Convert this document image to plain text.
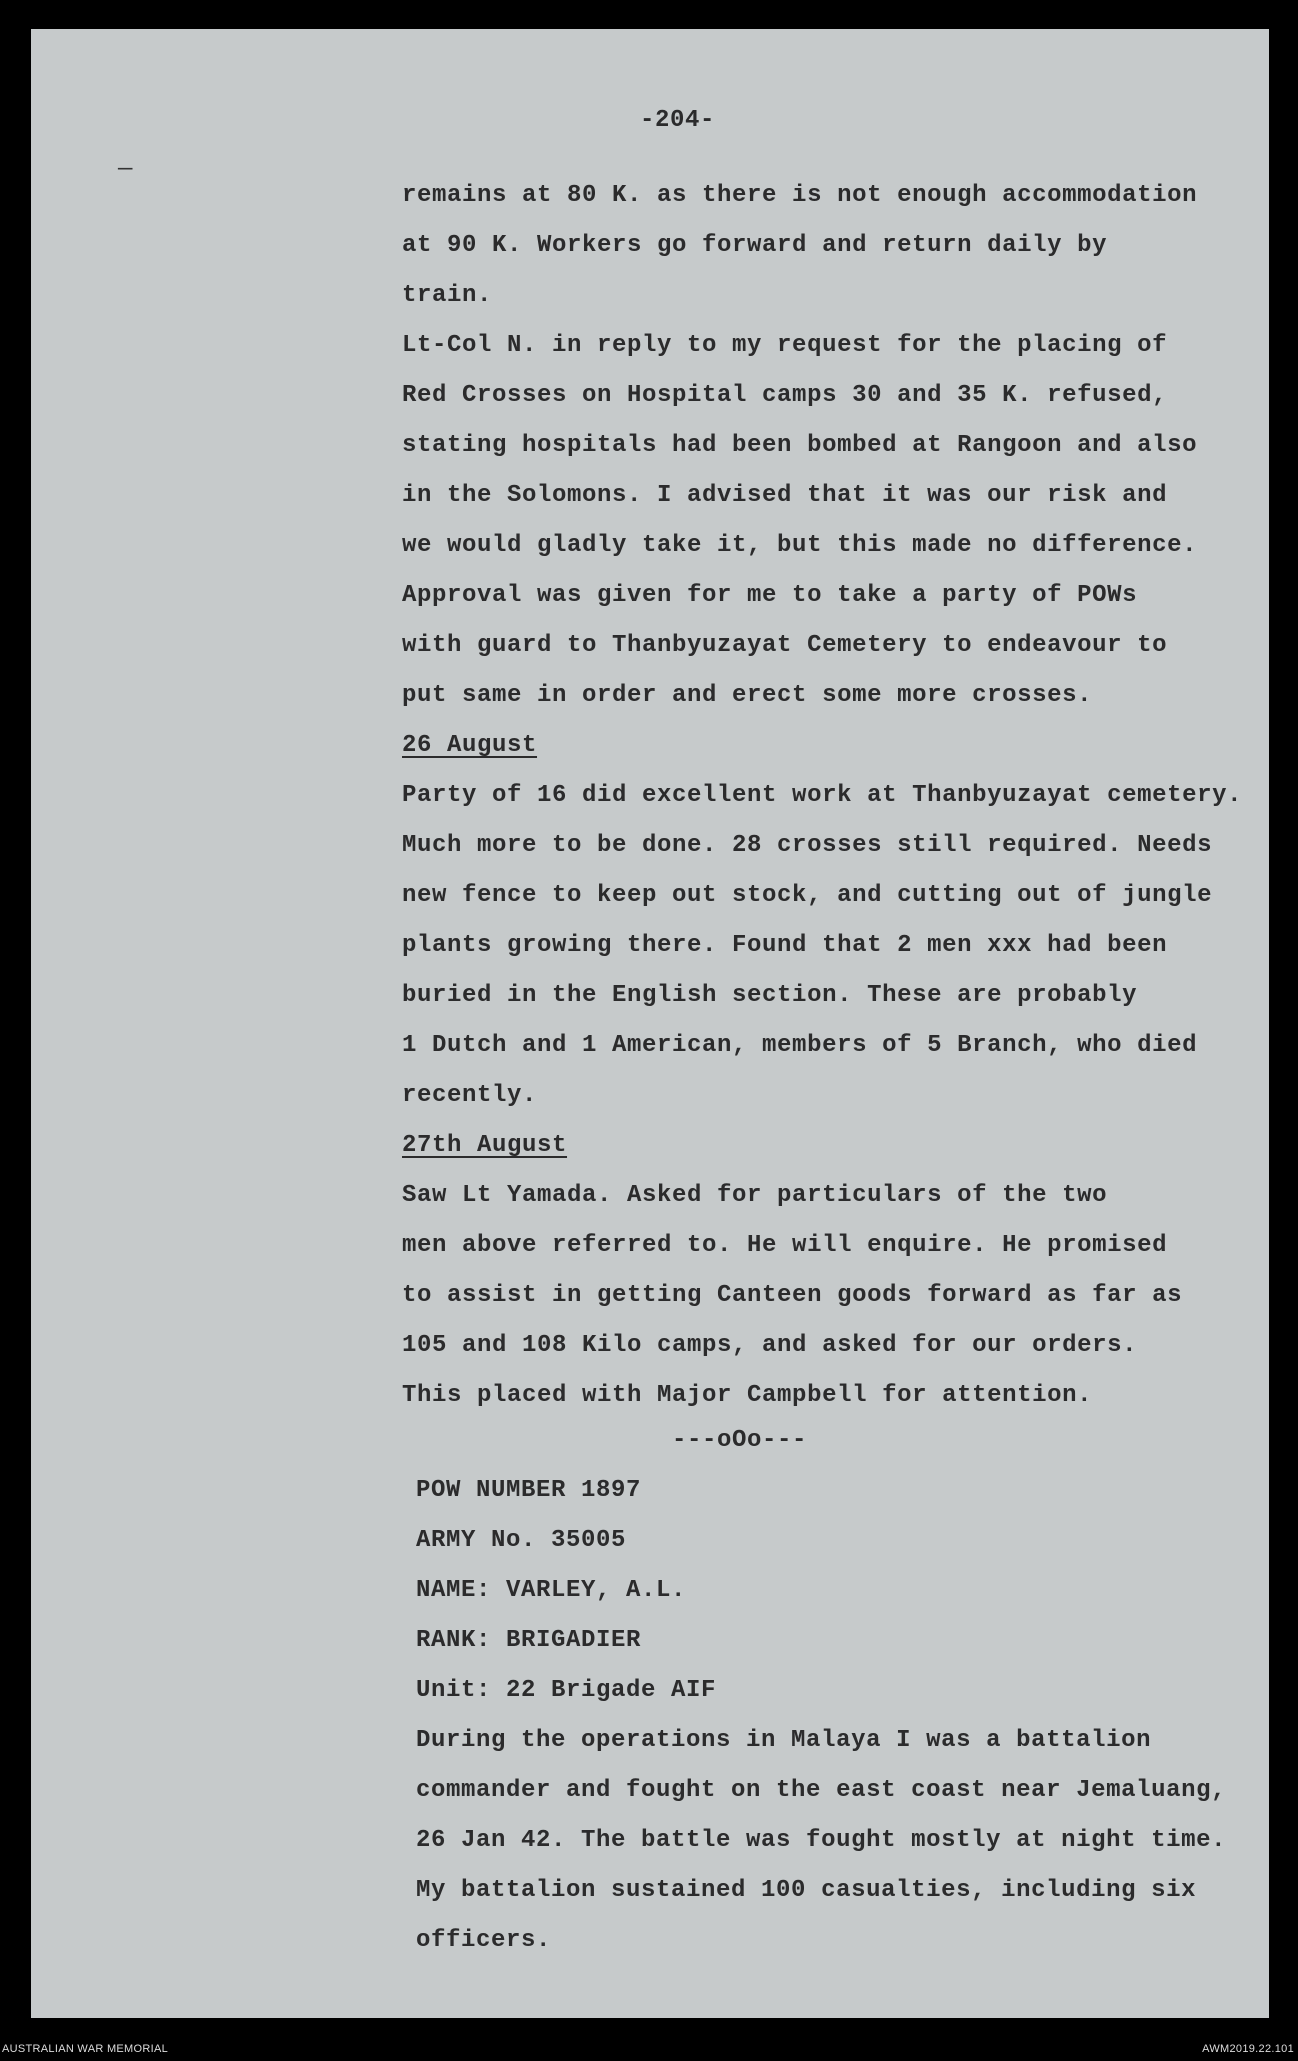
—
-204-
remains at 80 K. as there is not enough accommodation
at 90 K. Workers go forward and return daily by
train.
Lt-Col N. in reply to my request for the placing of
Red Crosses on Hospital camps 30 and 35 K. refused,
stating hospitals had been bombed at Rangoon and also
in the Solomons. I advised that it was our risk and
we would gladly take it, but this made no difference.
Approval was given for me to take a party of POWs
with guard to Thanbyuzayat Cemetery to endeavour to
put same in order and erect some more crosses.
26 August
Party of 16 did excellent work at Thanbyuzayat cemetery.
Much more to be done. 28 crosses still required. Needs
new fence to keep out stock, and cutting out of jungle
plants growing there. Found that 2 men xxx had been
buried in the English section. These are probably
1 Dutch and 1 American, members of 5 Branch, who died
recently.
27th August
Saw Lt Yamada. Asked for particulars of the two
men above referred to. He will enquire. He promised
to assist in getting Canteen goods forward as far as
105 and 108 Kilo camps, and asked for our orders.
This placed with Major Campbell for attention.
---oOo---
POW NUMBER 1897
ARMY No. 35005
NAME: VARLEY, A.L.
RANK: BRIGADIER
Unit: 22 Brigade AIF
During the operations in Malaya I was a battalion
commander and fought on the east coast near Jemaluang,
26 Jan 42. The battle was fought mostly at night time.
My battalion sustained 100 casualties, including six
officers.
AUSTRALIAN WAR MEMORIAL	AWM2019.22.101
